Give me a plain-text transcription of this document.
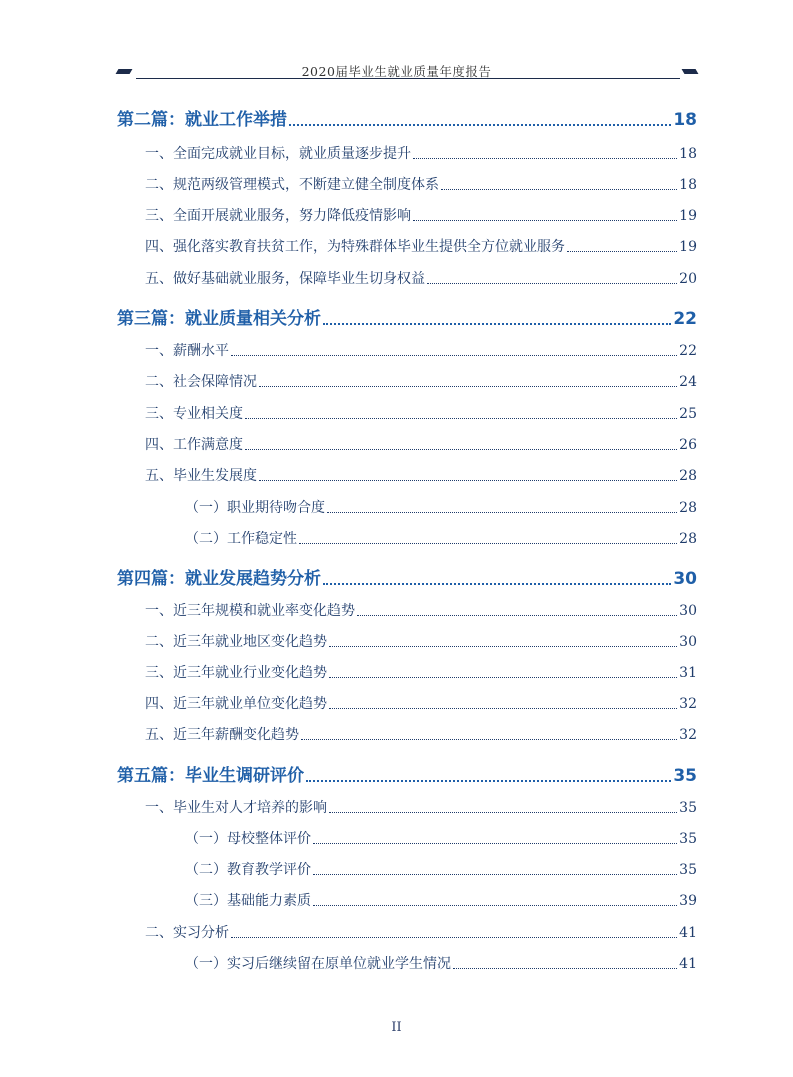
2020届毕业生就业质量年度报告
第二篇：就业工作举措	18
一、全面完成就业目标，就业质量逐步提升	18
二、规范两级管理模式，不断建立健全制度体系	18
三、全面开展就业服务，努力降低疫情影响	19
四、强化落实教育扶贫工作，为特殊群体毕业生提供全方位就业服务	19
五、做好基础就业服务，保障毕业生切身权益	20
第三篇：就业质量相关分析	22
一、薪酬水平	22
二、社会保障情况	24
三、专业相关度	25
四、工作满意度	26
五、毕业生发展度	28
（一）职业期待吻合度	28
（二）工作稳定性	28
第四篇：就业发展趋势分析	30
一、近三年规模和就业率变化趋势	30
二、近三年就业地区变化趋势	30
三、近三年就业行业变化趋势	31
四、近三年就业单位变化趋势	32
五、近三年薪酬变化趋势	32
第五篇：毕业生调研评价	35
一、毕业生对人才培养的影响	35
（一）母校整体评价	35
（二）教育教学评价	35
（三）基础能力素质	39
二、实习分析	41
（一）实习后继续留在原单位就业学生情况	41
II
